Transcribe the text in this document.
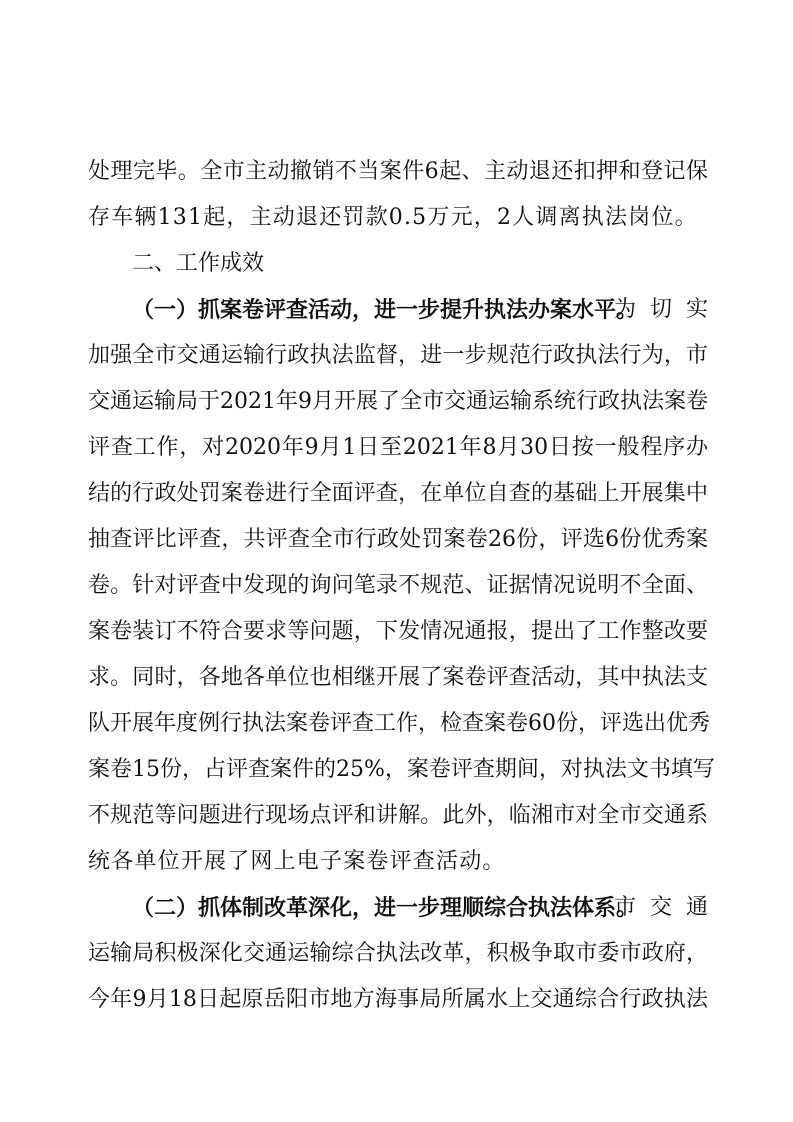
处理完毕。全市主动撤销不当案件6起、主动退还扣押和登记保
存车辆131起，主动退还罚款0.5万元，2人调离执法岗位。
二、工作成效
（一）抓案卷评查活动，进一步提升执法办案水平。
为切实
加强全市交通运输行政执法监督，进一步规范行政执法行为，市
交通运输局于2021年9月开展了全市交通运输系统行政执法案卷
评查工作，对2020年9月1日至2021年8月30日按一般程序办
结的行政处罚案卷进行全面评查，在单位自查的基础上开展集中
抽查评比评查，共评查全市行政处罚案卷26份，评选6份优秀案
卷。针对评查中发现的询问笔录不规范、证据情况说明不全面、
案卷装订不符合要求等问题，下发情况通报，提出了工作整改要
求。同时，各地各单位也相继开展了案卷评查活动，其中执法支
队开展年度例行执法案卷评查工作，检查案卷60份，评选出优秀
案卷15份，占评查案件的25%，案卷评查期间，对执法文书填写
不规范等问题进行现场点评和讲解。此外，临湘市对全市交通系
统各单位开展了网上电子案卷评查活动。
（二）抓体制改革深化，进一步理顺综合执法体系。
市交通
运输局积极深化交通运输综合执法改革，积极争取市委市政府，
今年9月18日起原岳阳市地方海事局所属水上交通综合行政执法
